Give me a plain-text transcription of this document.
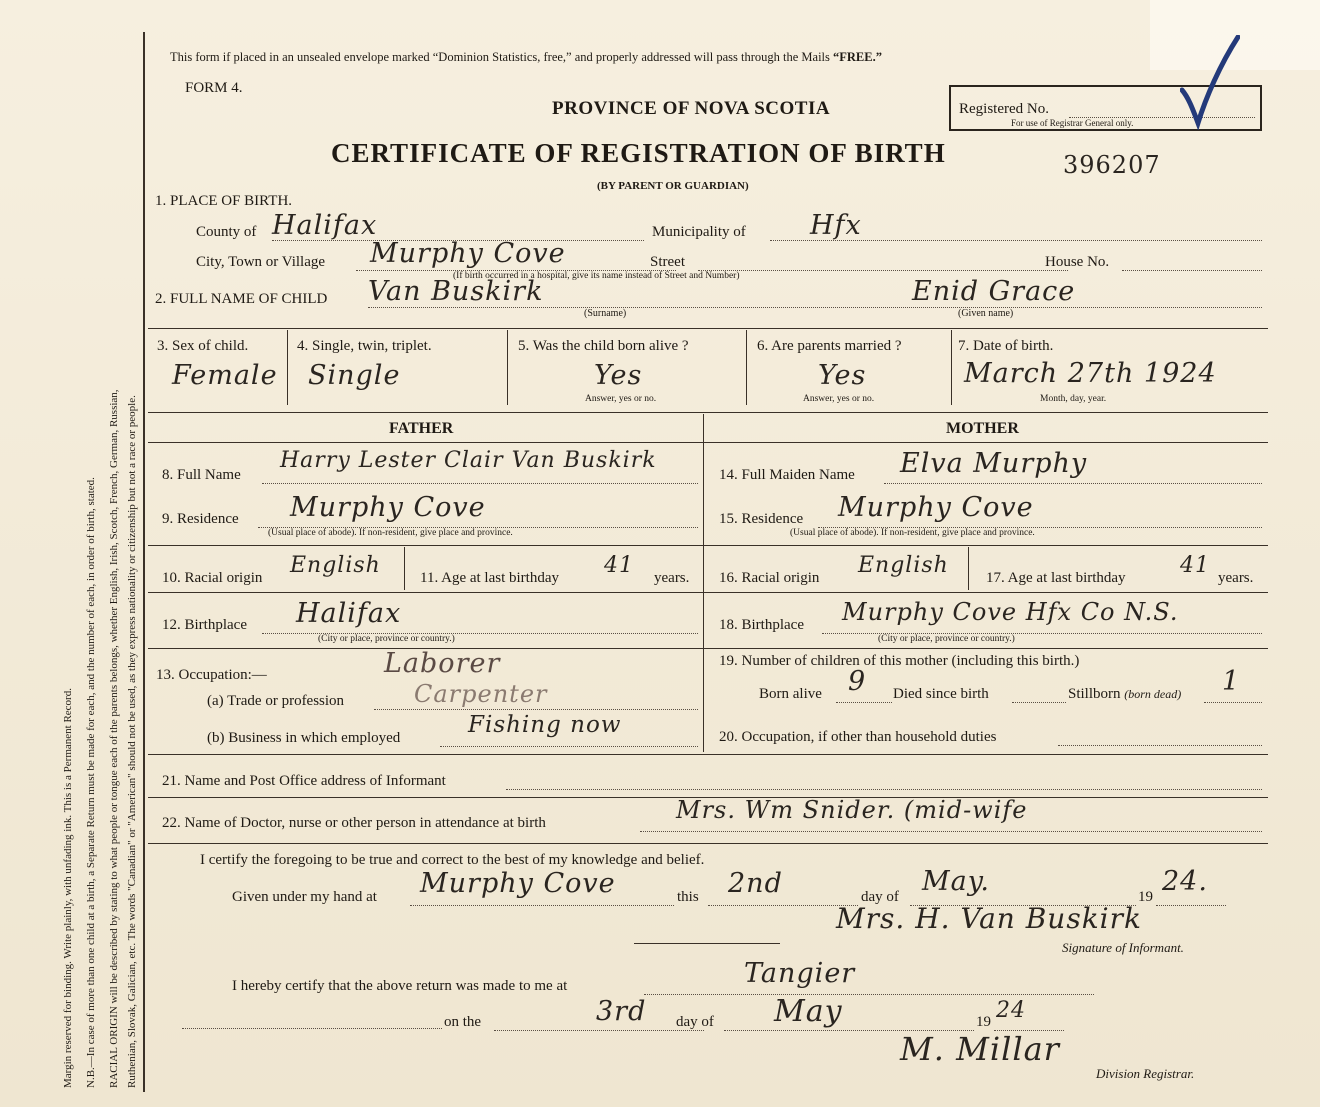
Margin reserved for binding. Write plainly, with unfading ink. This is a Permanent Record. N.B.—In case of more than one child at a birth, a Separate Return must be made for each, and the number of each, in order of birth, stated. RACIAL ORIGIN will be described by stating to what people or tongue each of the parents belongs, whether English, Irish, Scotch, French, German, Russian, Ruthenian, Slovak, Galician, etc. The words "Canadian" or "American" should not be used, as they express nationality or citizenship but not a race or people.
This form if placed in an unsealed envelope marked “Dominion Statistics, free,” and properly addressed will pass through the Mails “FREE.”
FORM 4.
PROVINCE OF NOVA SCOTIA
CERTIFICATE OF REGISTRATION OF BIRTH
(BY PARENT OR GUARDIAN)
Registered No.
For use of Registrar General only.
396207
1. PLACE OF BIRTH.
County of Halifax	Municipality of Hfx
City, Town or Village Murphy Cove	Street	House No.
(If birth occurred in a hospital, give its name instead of Street and Number)
2. FULL NAME OF CHILD Van Buskirk	Enid Grace
(Surname)	(Given name)
3. Sex of child.
Female
4. Single, twin, triplet.
Single
5. Was the child born alive ?
Yes
Answer, yes or no.
6. Are parents married ?
Yes
Answer, yes or no.
7. Date of birth.
March 27th 1924
Month, day, year.
FATHER	MOTHER
8. Full Name
Harry Lester Clair Van Buskirk
14. Full Maiden Name Elva Murphy
9. Residence Murphy Cove
(Usual place of abode). If non-resident, give place and province.
15. Residence Murphy Cove
(Usual place of abode). If non-resident, give place and province.
10. Racial origin English	11. Age at last birthday 41 years. 16. Racial origin English 17. Age at last birthday 41 years.
12. Birthplace Halifax
(City or place, province or country.)
18. Birthplace Murphy Cove Hfx Co N.S.
(City or place, province or country.)
13. Occupation:—	Laborer
(a) Trade or profession	Carpenter
(b) Business in which employed	Fishing now
19. Number of children of this mother (including this birth.)
Born alive 9 Died since birth	Stillborn (born dead) 1
20. Occupation, if other than household duties
21. Name and Post Office address of Informant
22. Name of Doctor, nurse or other person in attendance at birth	Mrs. Wm Snider. (mid-wife
I certify the foregoing to be true and correct to the best of my knowledge and belief.
Given under my hand at Murphy Cove	this 2nd	day of May.	19 24.
Mrs. H. Van Buskirk
Signature of Informant.
I hereby certify that the above return was made to me at	Tangier
on the	3rd day of May	19 24
M. Millar
Division Registrar.
